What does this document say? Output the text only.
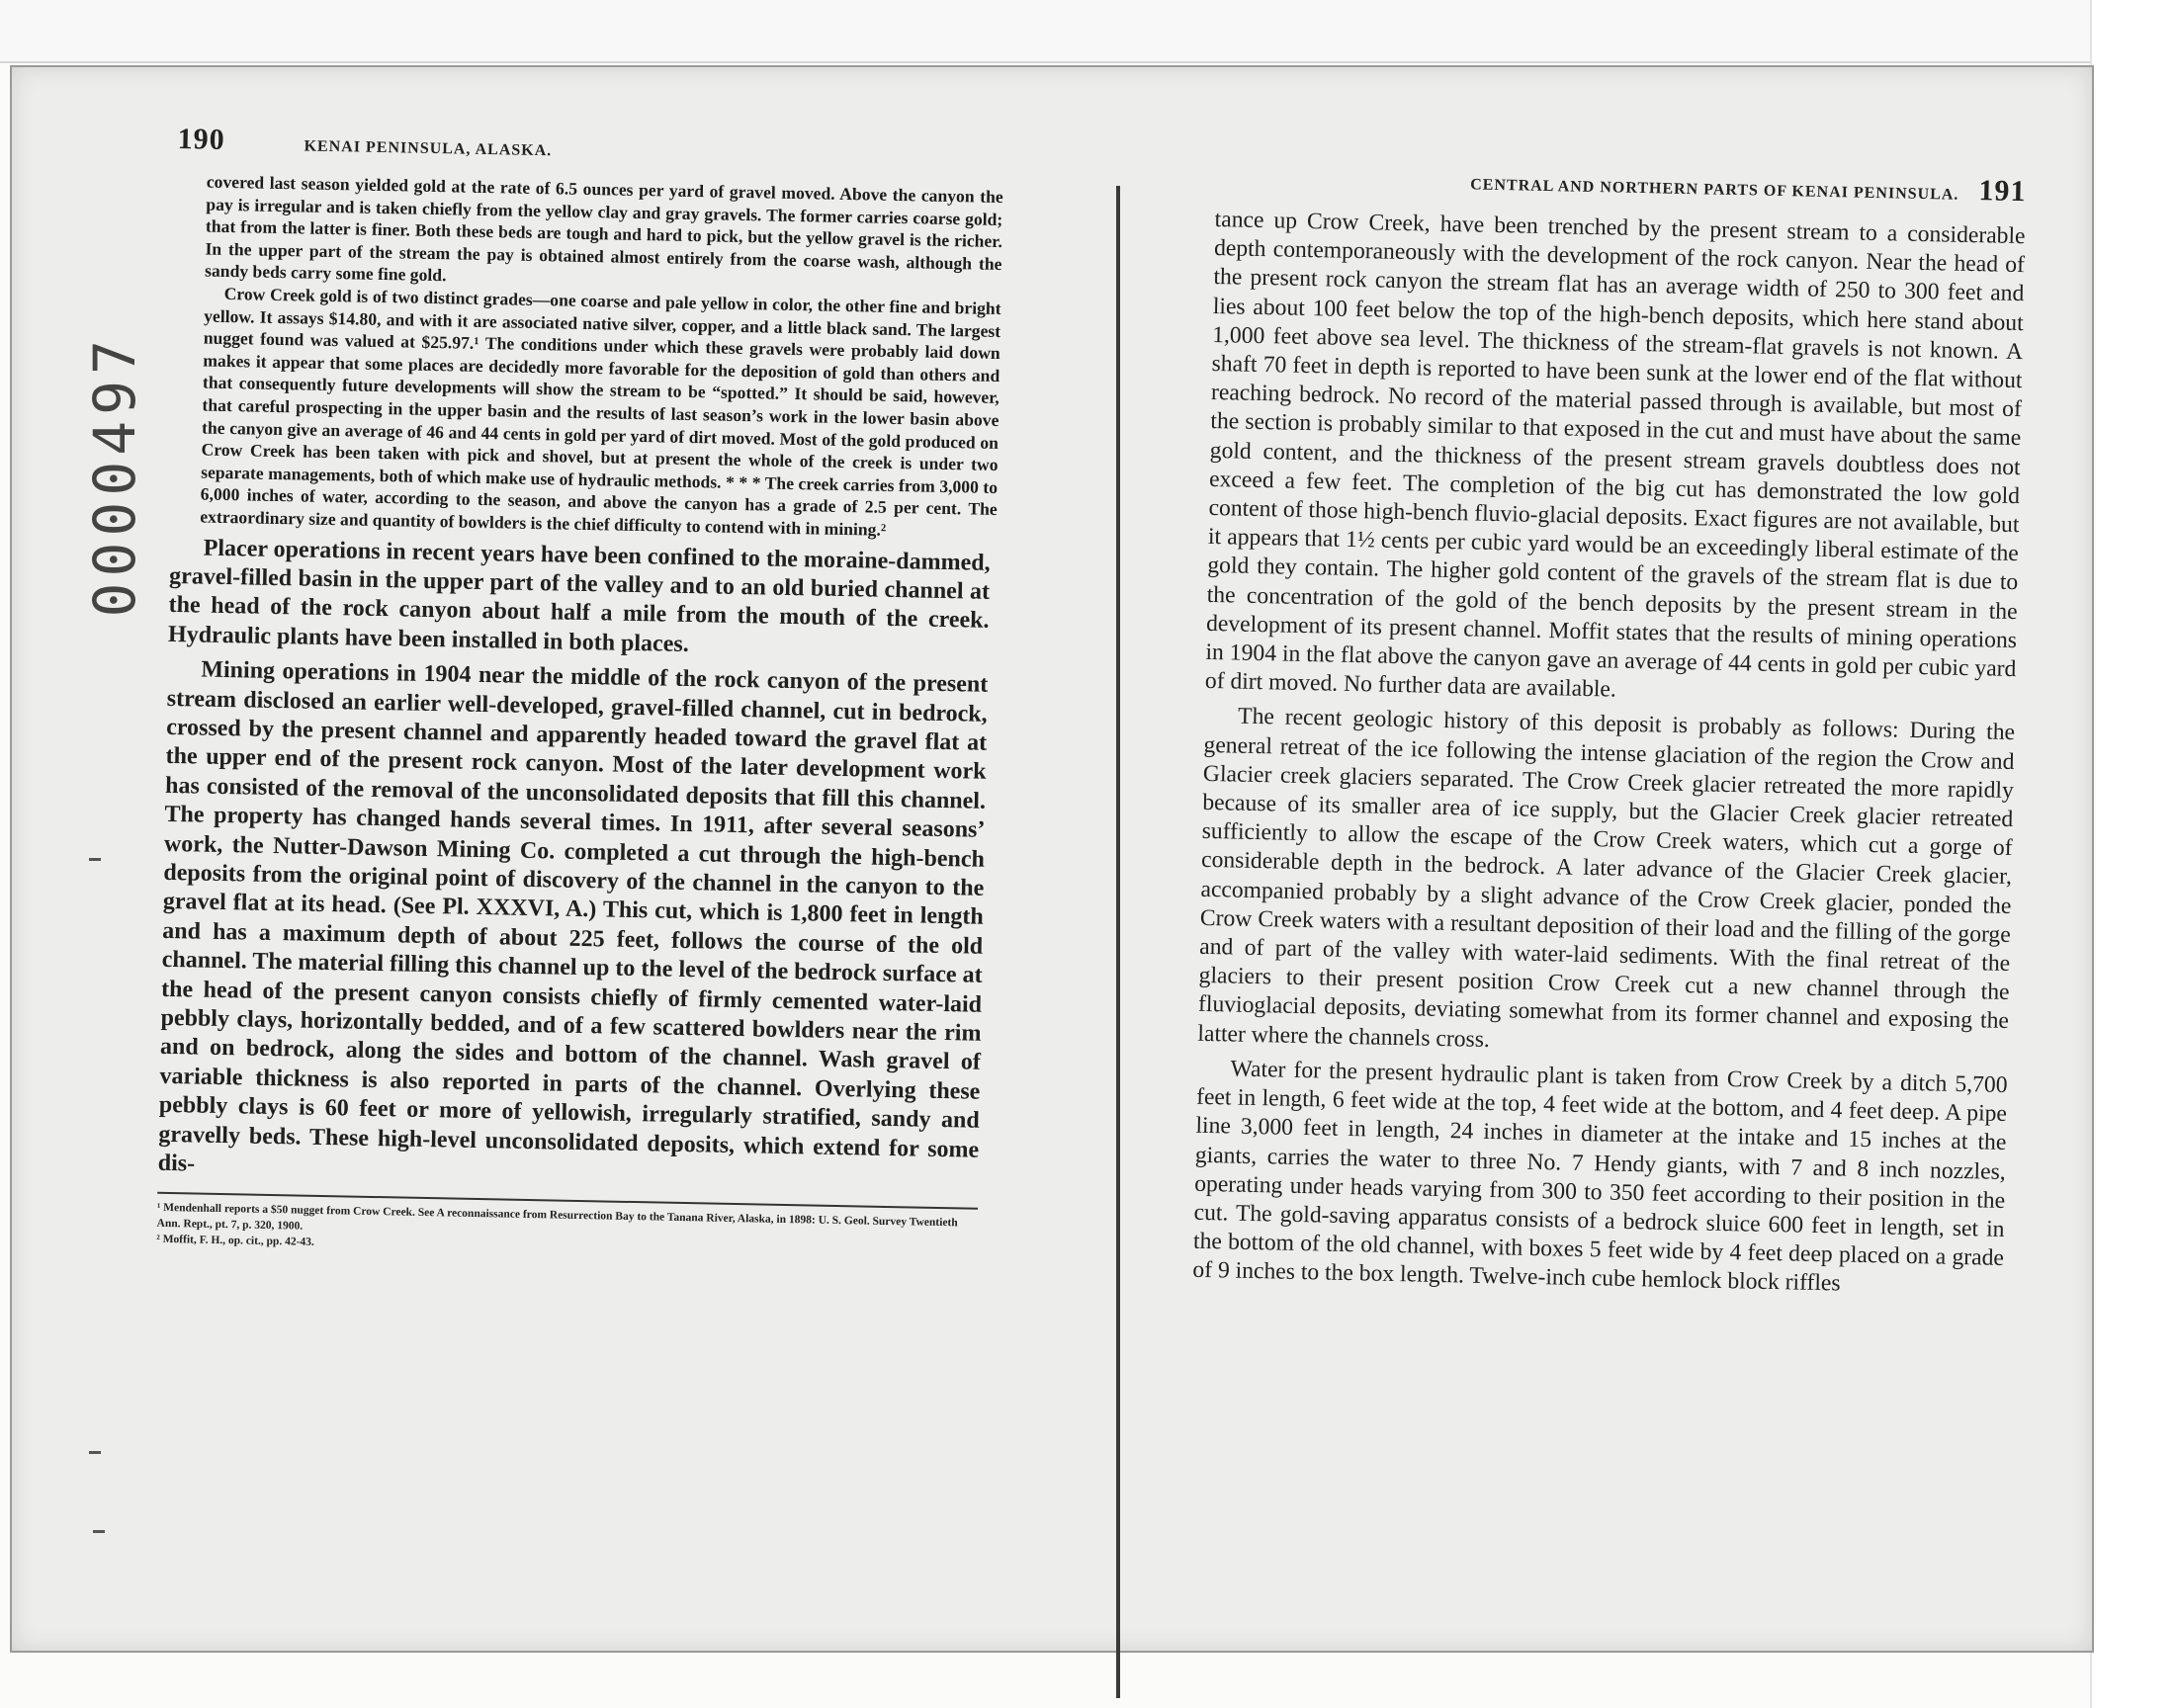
0000497
190	KENAI PENINSULA, ALASKA.

covered last season yielded gold at the rate of 6.5 ounces per yard of gravel moved. Above the canyon the pay is irregular and is taken chiefly from the yellow clay and gray gravels. The former carries coarse gold; that from the latter is finer. Both these beds are tough and hard to pick, but the yellow gravel is the richer. In the upper part of the stream the pay is obtained almost entirely from the coarse wash, although the sandy beds carry some fine gold.

Crow Creek gold is of two distinct grades—one coarse and pale yellow in color, the other fine and bright yellow. It assays $14.80, and with it are associated native silver, copper, and a little black sand. The largest nugget found was valued at $25.97.¹ The conditions under which these gravels were probably laid down makes it appear that some places are decidedly more favorable for the deposition of gold than others and that consequently future developments will show the stream to be “spotted.” It should be said, however, that careful prospecting in the upper basin and the results of last season’s work in the lower basin above the canyon give an average of 46 and 44 cents in gold per yard of dirt moved. Most of the gold produced on Crow Creek has been taken with pick and shovel, but at present the whole of the creek is under two separate managements, both of which make use of hydraulic methods. * * * The creek carries from 3,000 to 6,000 inches of water, according to the season, and above the canyon has a grade of 2.5 per cent. The extraordinary size and quantity of bowlders is the chief difficulty to contend with in mining.²

Placer operations in recent years have been confined to the moraine-dammed, gravel-filled basin in the upper part of the valley and to an old buried channel at the head of the rock canyon about half a mile from the mouth of the creek. Hydraulic plants have been installed in both places.

Mining operations in 1904 near the middle of the rock canyon of the present stream disclosed an earlier well-developed, gravel-filled channel, cut in bedrock, crossed by the present channel and apparently headed toward the gravel flat at the upper end of the present rock canyon. Most of the later development work has consisted of the removal of the unconsolidated deposits that fill this channel. The property has changed hands several times. In 1911, after several seasons’ work, the Nutter-Dawson Mining Co. completed a cut through the high-bench deposits from the original point of discovery of the channel in the canyon to the gravel flat at its head. (See Pl. XXXVI, A.) This cut, which is 1,800 feet in length and has a maximum depth of about 225 feet, follows the course of the old channel. The material filling this channel up to the level of the bedrock surface at the head of the present canyon consists chiefly of firmly cemented water-laid pebbly clays, horizontally bedded, and of a few scattered bowlders near the rim and on bedrock, along the sides and bottom of the channel. Wash gravel of variable thickness is also reported in parts of the channel. Overlying these pebbly clays is 60 feet or more of yellowish, irregularly stratified, sandy and gravelly beds. These high-level unconsolidated deposits, which extend for some dis-

¹ Mendenhall reports a $50 nugget from Crow Creek. See A reconnaissance from Resurrection Bay to the Tanana River, Alaska, in 1898: U. S. Geol. Survey Twentieth Ann. Rept., pt. 7, p. 320, 1900.
² Moffit, F. H., op. cit., pp. 42-43.
CENTRAL AND NORTHERN PARTS OF KENAI PENINSULA. 191

tance up Crow Creek, have been trenched by the present stream to a considerable depth contemporaneously with the development of the rock canyon. Near the head of the present rock canyon the stream flat has an average width of 250 to 300 feet and lies about 100 feet below the top of the high-bench deposits, which here stand about 1,000 feet above sea level. The thickness of the stream-flat gravels is not known. A shaft 70 feet in depth is reported to have been sunk at the lower end of the flat without reaching bedrock. No record of the material passed through is available, but most of the section is probably similar to that exposed in the cut and must have about the same gold content, and the thickness of the present stream gravels doubtless does not exceed a few feet. The completion of the big cut has demonstrated the low gold content of those high-bench fluvio-glacial deposits. Exact figures are not available, but it appears that 1½ cents per cubic yard would be an exceedingly liberal estimate of the gold they contain. The higher gold content of the gravels of the stream flat is due to the concentration of the gold of the bench deposits by the present stream in the development of its present channel. Moffit states that the results of mining operations in 1904 in the flat above the canyon gave an average of 44 cents in gold per cubic yard of dirt moved. No further data are available.

The recent geologic history of this deposit is probably as follows: During the general retreat of the ice following the intense glaciation of the region the Crow and Glacier creek glaciers separated. The Crow Creek glacier retreated the more rapidly because of its smaller area of ice supply, but the Glacier Creek glacier retreated sufficiently to allow the escape of the Crow Creek waters, which cut a gorge of considerable depth in the bedrock. A later advance of the Glacier Creek glacier, accompanied probably by a slight advance of the Crow Creek glacier, ponded the Crow Creek waters with a resultant deposition of their load and the filling of the gorge and of part of the valley with water-laid sediments. With the final retreat of the glaciers to their present position Crow Creek cut a new channel through the fluvioglacial deposits, deviating somewhat from its former channel and exposing the latter where the channels cross.

Water for the present hydraulic plant is taken from Crow Creek by a ditch 5,700 feet in length, 6 feet wide at the top, 4 feet wide at the bottom, and 4 feet deep. A pipe line 3,000 feet in length, 24 inches in diameter at the intake and 15 inches at the giants, carries the water to three No. 7 Hendy giants, with 7 and 8 inch nozzles, operating under heads varying from 300 to 350 feet according to their position in the cut. The gold-saving apparatus consists of a bedrock sluice 600 feet in length, set in the bottom of the old channel, with boxes 5 feet wide by 4 feet deep placed on a grade of 9 inches to the box length. Twelve-inch cube hemlock block riffles
